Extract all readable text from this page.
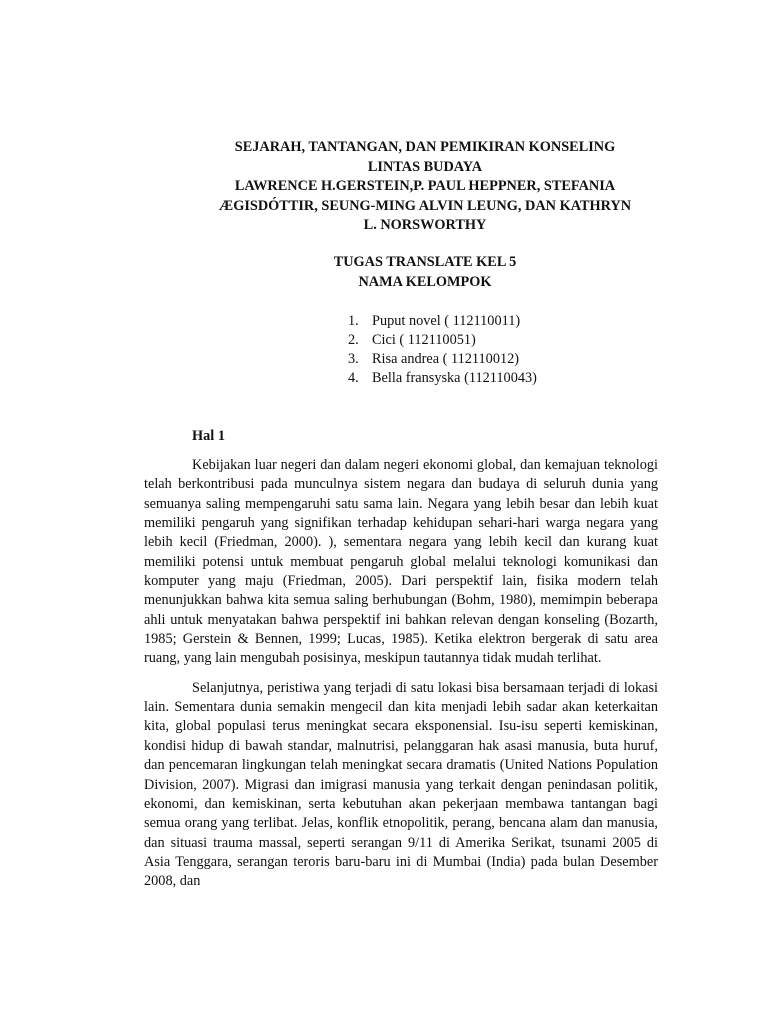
SEJARAH, TANTANGAN, DAN PEMIKIRAN KONSELING
LINTAS BUDAYA
LAWRENCE H.GERSTEIN,P. PAUL HEPPNER, STEFANIA
ÆGISDÓTTIR, SEUNG-MING ALVIN LEUNG, DAN KATHRYN
L. NORSWORTHY
TUGAS TRANSLATE KEL 5
NAMA KELOMPOK
1. Puput novel ( 112110011)
2. Cici ( 112110051)
3. Risa andrea ( 112110012)
4. Bella fransyska (112110043)
Hal 1

Kebijakan luar negeri dan dalam negeri ekonomi global, dan kemajuan teknologi telah berkontribusi pada munculnya sistem negara dan budaya di seluruh dunia yang semuanya saling mempengaruhi satu sama lain. Negara yang lebih besar dan lebih kuat memiliki pengaruh yang signifikan terhadap kehidupan sehari-hari warga negara yang lebih kecil (Friedman, 2000). ), sementara negara yang lebih kecil dan kurang kuat memiliki potensi untuk membuat pengaruh global melalui teknologi komunikasi dan komputer yang maju (Friedman, 2005). Dari perspektif lain, fisika modern telah menunjukkan bahwa kita semua saling berhubungan (Bohm, 1980), memimpin beberapa ahli untuk menyatakan bahwa perspektif ini bahkan relevan dengan konseling (Bozarth, 1985; Gerstein & Bennen, 1999; Lucas, 1985). Ketika elektron bergerak di satu area ruang, yang lain mengubah posisinya, meskipun tautannya tidak mudah terlihat.

Selanjutnya, peristiwa yang terjadi di satu lokasi bisa bersamaan terjadi di lokasi lain. Sementara dunia semakin mengecil dan kita menjadi lebih sadar akan keterkaitan kita, global populasi terus meningkat secara eksponensial. Isu-isu seperti kemiskinan, kondisi hidup di bawah standar, malnutrisi, pelanggaran hak asasi manusia, buta huruf, dan pencemaran lingkungan telah meningkat secara dramatis (United Nations Population Division, 2007). Migrasi dan imigrasi manusia yang terkait dengan penindasan politik, ekonomi, dan kemiskinan, serta kebutuhan akan pekerjaan membawa tantangan bagi semua orang yang terlibat. Jelas, konflik etnopolitik, perang, bencana alam dan manusia, dan situasi trauma massal, seperti serangan 9/11 di Amerika Serikat, tsunami 2005 di Asia Tenggara, serangan teroris baru-baru ini di Mumbai (India) pada bulan Desember 2008, dan
